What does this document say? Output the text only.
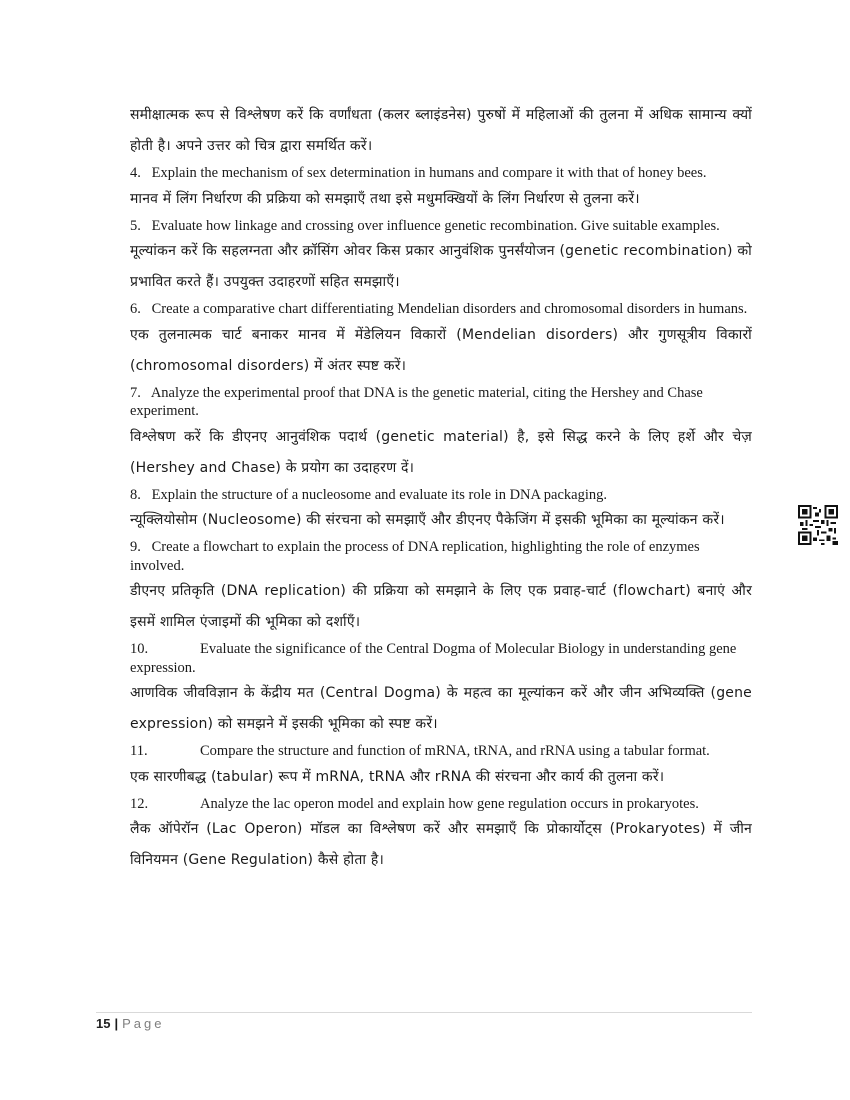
समीक्षात्मक रूप से विश्लेषण करें कि वर्णांधता (कलर ब्लाइंडनेस) पुरुषों में महिलाओं की तुलना में अधिक सामान्य क्यों होती है। अपने उत्तर को चित्र द्वारा समर्थित करें।

4. Explain the mechanism of sex determination in humans and compare it with that of honey bees.

मानव में लिंग निर्धारण की प्रक्रिया को समझाएँ तथा इसे मधुमक्खियों के लिंग निर्धारण से तुलना करें।

5. Evaluate how linkage and crossing over influence genetic recombination. Give suitable examples.

मूल्यांकन करें कि सहलग्नता और क्रॉसिंग ओवर किस प्रकार आनुवंशिक पुनर्संयोजन (genetic recombination) को प्रभावित करते हैं। उपयुक्त उदाहरणों सहित समझाएँ।

6. Create a comparative chart differentiating Mendelian disorders and chromosomal disorders in humans.

एक तुलनात्मक चार्ट बनाकर मानव में मेंडेलियन विकारों (Mendelian disorders) और गुणसूत्रीय विकारों (chromosomal disorders) में अंतर स्पष्ट करें।

7. Analyze the experimental proof that DNA is the genetic material, citing the Hershey and Chase experiment.

विश्लेषण करें कि डीएनए आनुवंशिक पदार्थ (genetic material) है, इसे सिद्ध करने के लिए हर्शे और चेज़ (Hershey and Chase) के प्रयोग का उदाहरण दें।

8. Explain the structure of a nucleosome and evaluate its role in DNA packaging.

न्यूक्लियोसोम (Nucleosome) की संरचना को समझाएँ और डीएनए पैकेजिंग में इसकी भूमिका का मूल्यांकन करें।

9. Create a flowchart to explain the process of DNA replication, highlighting the role of enzymes involved.

डीएनए प्रतिकृति (DNA replication) की प्रक्रिया को समझाने के लिए एक प्रवाह-चार्ट (flowchart) बनाएं और इसमें शामिल एंजाइमों की भूमिका को दर्शाएँ।

10.	Evaluate the significance of the Central Dogma of Molecular Biology in understanding gene expression.

आणविक जीवविज्ञान के केंद्रीय मत (Central Dogma) के महत्व का मूल्यांकन करें और जीन अभिव्यक्ति (gene expression) को समझने में इसकी भूमिका को स्पष्ट करें।

11.	Compare the structure and function of mRNA, tRNA, and rRNA using a tabular format.

एक सारणीबद्ध (tabular) रूप में mRNA, tRNA और rRNA की संरचना और कार्य की तुलना करें।

12.	Analyze the lac operon model and explain how gene regulation occurs in prokaryotes.

लैक ऑपेरॉन (Lac Operon) मॉडल का विश्लेषण करें और समझाएँ कि प्रोकार्योट्स (Prokaryotes) में जीन विनियमन (Gene Regulation) कैसे होता है।

15 | Page
